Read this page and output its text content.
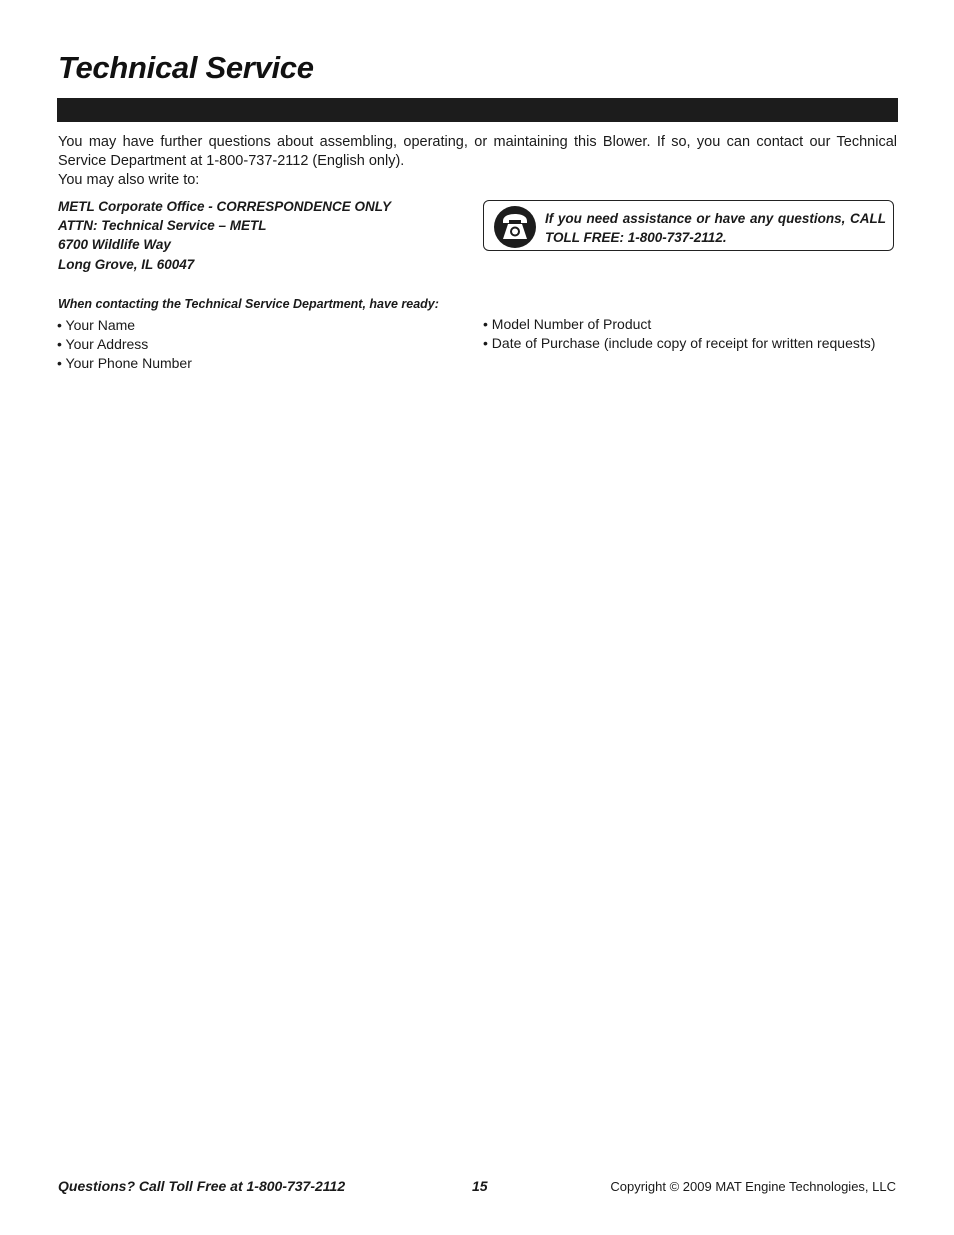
Technical Service

You may have further questions about assembling, operating, or maintaining this Blower. If so, you can contact our Technical Service Department at 1-800-737-2112 (English only).

You may also write to:

METL Corporate Office - CORRESPONDENCE ONLY
ATTN: Technical Service – METL
6700 Wildlife Way
Long Grove, IL 60047
If you need assistance or have any questions, CALL TOLL FREE: 1-800-737-2112.

When contacting the Technical Service Department, have ready:

• Your Name
• Your Address
• Your Phone Number
• Model Number of Product
• Date of Purchase (include copy of receipt for written requests)
Questions? Call Toll Free at 1-800-737-2112	15	Copyright © 2009 MAT Engine Technologies, LLC
